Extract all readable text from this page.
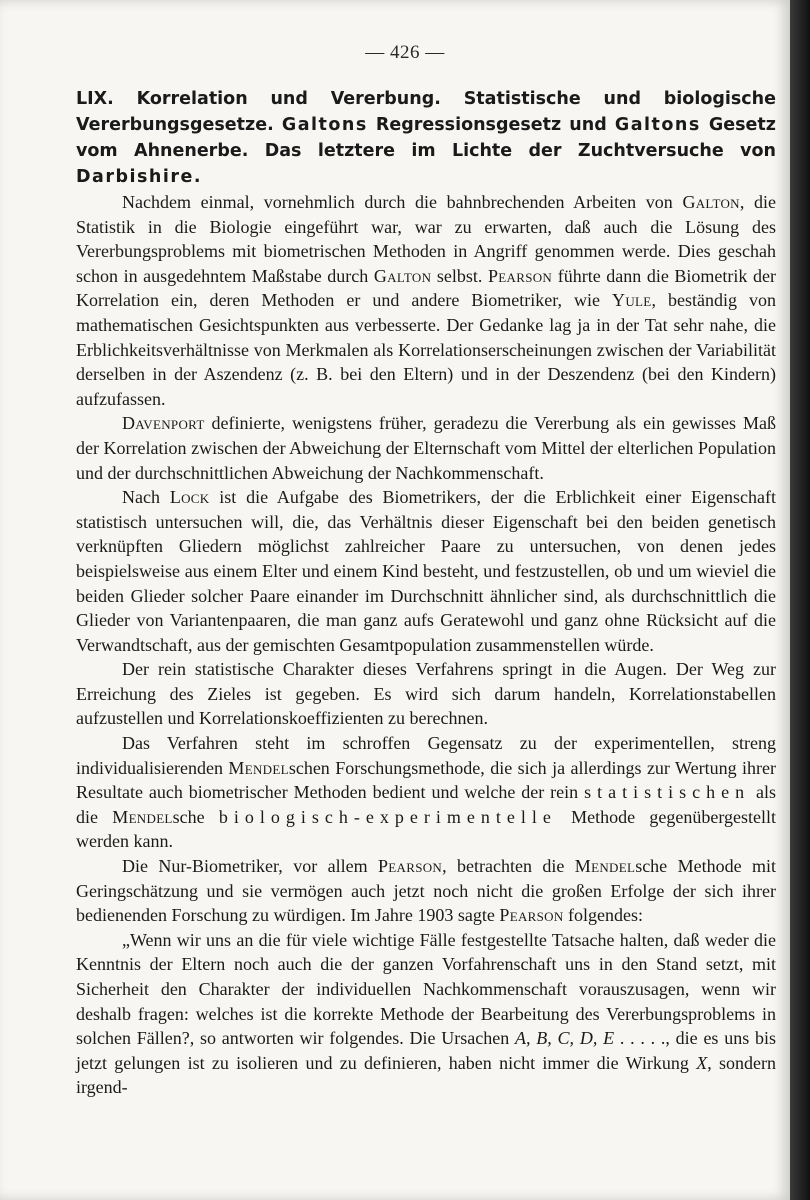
— 426 —

LIX. Korrelation und Vererbung. Statistische und biologische Vererbungsgesetze. Galtons Regressionsgesetz und Galtons Gesetz vom Ahnenerbe. Das letztere im Lichte der Zuchtversuche von Darbishire.

Nachdem einmal, vornehmlich durch die bahnbrechenden Arbeiten von Galton, die Statistik in die Biologie eingeführt war, war zu erwarten, daß auch die Lösung des Vererbungsproblems mit biometrischen Methoden in Angriff genommen werde. Dies geschah schon in ausgedehntem Maßstabe durch Galton selbst. Pearson führte dann die Biometrik der Korrelation ein, deren Methoden er und andere Biometriker, wie Yule, beständig von mathematischen Gesichtspunkten aus verbesserte. Der Gedanke lag ja in der Tat sehr nahe, die Erblichkeitsverhältnisse von Merkmalen als Korrelationserscheinungen zwischen der Variabilität derselben in der Aszendenz (z. B. bei den Eltern) und in der Deszendenz (bei den Kindern) aufzufassen.

Davenport definierte, wenigstens früher, geradezu die Vererbung als ein gewisses Maß der Korrelation zwischen der Abweichung der Elternschaft vom Mittel der elterlichen Population und der durchschnittlichen Abweichung der Nachkommenschaft.

Nach Lock ist die Aufgabe des Biometrikers, der die Erblichkeit einer Eigenschaft statistisch untersuchen will, die, das Verhältnis dieser Eigenschaft bei den beiden genetisch verknüpften Gliedern möglichst zahlreicher Paare zu untersuchen, von denen jedes beispielsweise aus einem Elter und einem Kind besteht, und festzustellen, ob und um wieviel die beiden Glieder solcher Paare einander im Durchschnitt ähnlicher sind, als durchschnittlich die Glieder von Variantenpaaren, die man ganz aufs Geratewohl und ganz ohne Rücksicht auf die Verwandtschaft, aus der gemischten Gesamtpopulation zusammenstellen würde.

Der rein statistische Charakter dieses Verfahrens springt in die Augen. Der Weg zur Erreichung des Zieles ist gegeben. Es wird sich darum handeln, Korrelationstabellen aufzustellen und Korrelationskoeffizienten zu berechnen.

Das Verfahren steht im schroffen Gegensatz zu der experimentellen, streng individualisierenden Mendelschen Forschungsmethode, die sich ja allerdings zur Wertung ihrer Resultate auch biometrischer Methoden bedient und welche der rein statistischen als die Mendelsche biologisch-experimentelle Methode gegenübergestellt werden kann.

Die Nur-Biometriker, vor allem Pearson, betrachten die Mendelsche Methode mit Geringschätzung und sie vermögen auch jetzt noch nicht die großen Erfolge der sich ihrer bedienenden Forschung zu würdigen. Im Jahre 1903 sagte Pearson folgendes:

„Wenn wir uns an die für viele wichtige Fälle festgestellte Tatsache halten, daß weder die Kenntnis der Eltern noch auch die der ganzen Vorfahrenschaft uns in den Stand setzt, mit Sicherheit den Charakter der individuellen Nachkommenschaft vorauszusagen, wenn wir deshalb fragen: welches ist die korrekte Methode der Bearbeitung des Vererbungsproblems in solchen Fällen?, so antworten wir folgendes. Die Ursachen A, B, C, D, E . . . . ., die es uns bis jetzt gelungen ist zu isolieren und zu definieren, haben nicht immer die Wirkung X, sondern irgend-
